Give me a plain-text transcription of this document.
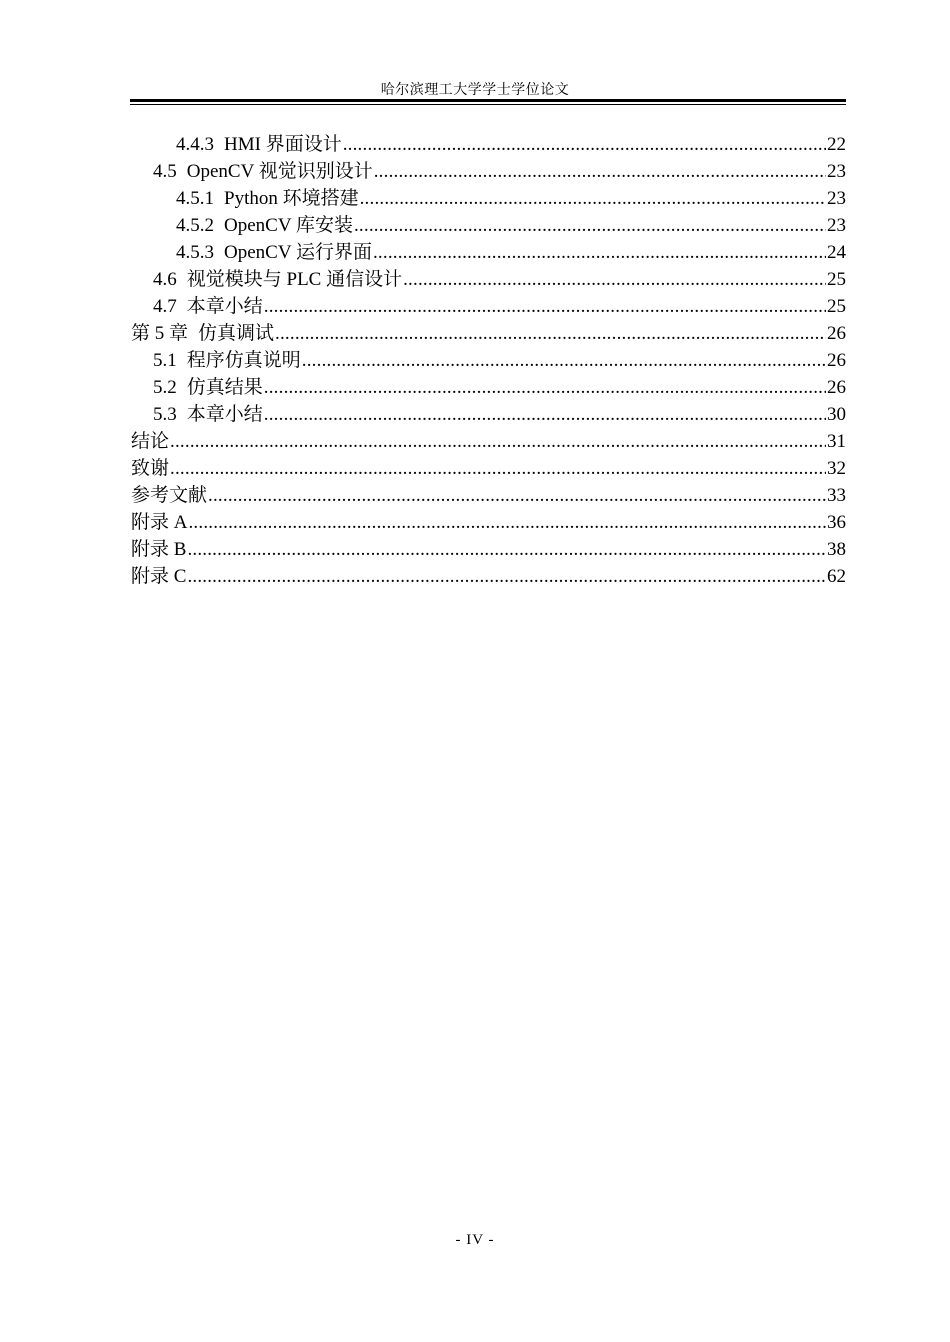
哈尔滨理工大学学士学位论文
4.4.3 HMI 界面设计 .....	22
4.5 OpenCV 视觉识别设计 .....	23
4.5.1 Python 环境搭建 .....	23
4.5.2 OpenCV 库安装 .....	23
4.5.3 OpenCV 运行界面 .....	24
4.6 视觉模块与 PLC 通信设计 .....	25
4.7 本章小结 .....	25
第 5 章 仿真调试 .....	26
5.1 程序仿真说明 .....	26
5.2 仿真结果 .....	26
5.3 本章小结 .....	30
结论 .....	31
致谢 .....	32
参考文献 .....	33
附录 A .....	36
附录 B .....	38
附录 C .....	62
- IV -
